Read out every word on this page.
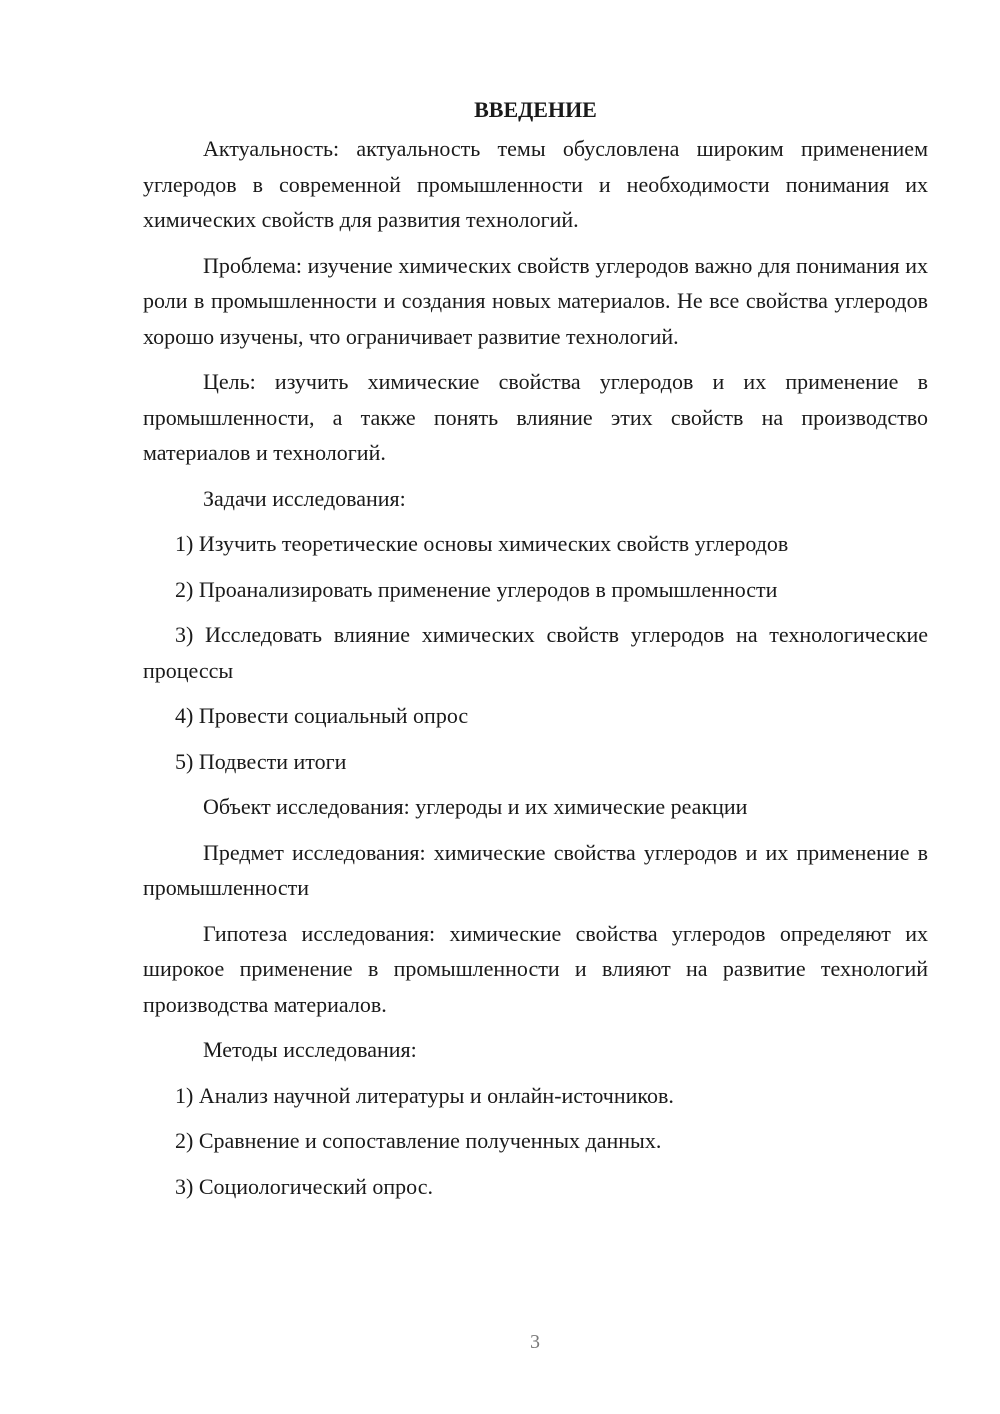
ВВЕДЕНИЕ
Актуальность: актуальность темы обусловлена широким применением углеродов в современной промышленности и необходимости понимания их химических свойств для развития технологий.
Проблема: изучение химических свойств углеродов важно для понимания их роли в промышленности и создания новых материалов. Не все свойства углеродов хорошо изучены, что ограничивает развитие технологий.
Цель: изучить химические свойства углеродов и их применение в промышленности, а также понять влияние этих свойств на производство материалов и технологий.
Задачи исследования:
1) Изучить теоретические основы химических свойств углеродов
2) Проанализировать применение углеродов в промышленности
3) Исследовать влияние химических свойств углеродов на технологические процессы
4) Провести социальный опрос
5) Подвести итоги
Объект исследования: углероды и их химические реакции
Предмет исследования: химические свойства углеродов и их применение в промышленности
Гипотеза исследования: химические свойства углеродов определяют их широкое применение в промышленности и влияют на развитие технологий производства материалов.
Методы исследования:
1) Анализ научной литературы и онлайн-источников.
2) Сравнение и сопоставление полученных данных.
3) Социологический опрос.
3
